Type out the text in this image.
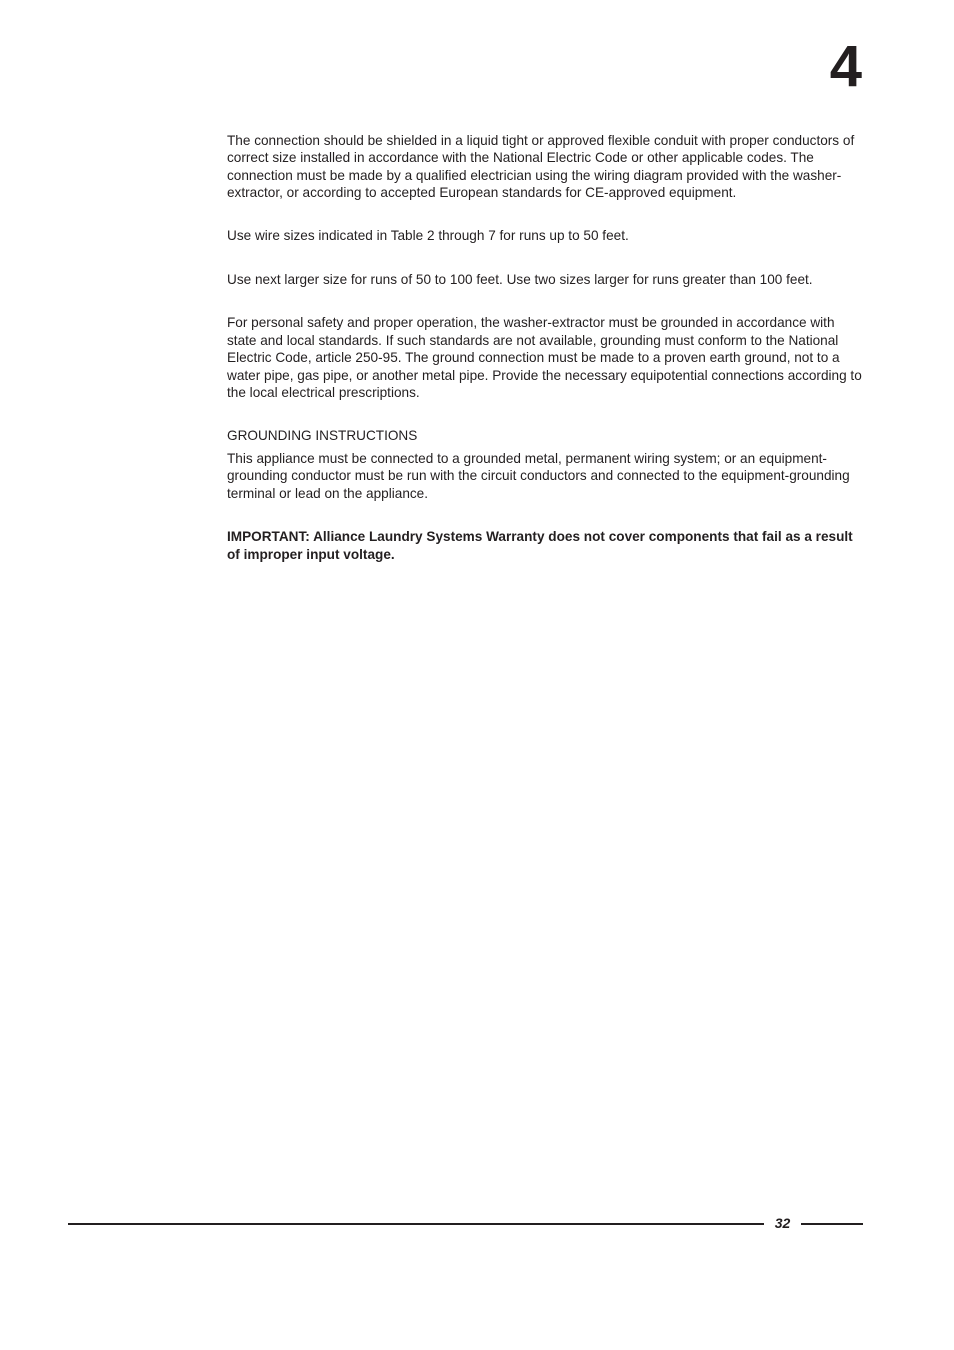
4

The connection should be shielded in a liquid tight or approved flexible conduit with proper conductors of correct size installed in accordance with the National Electric Code or other applicable codes. The connection must be made by a qualified electrician using the wiring diagram provided with the washer-extractor, or according to accepted European standards for CE-approved equipment.

Use wire sizes indicated in Table 2 through 7 for runs up to 50 feet.

Use next larger size for runs of 50 to 100 feet. Use two sizes larger for runs greater than 100 feet.

For personal safety and proper operation, the washer-extractor must be grounded in accordance with state and local standards. If such standards are not available, grounding must conform to the National Electric Code, article 250-95. The ground connection must be made to a proven earth ground, not to a water pipe, gas pipe, or another metal pipe. Provide the necessary equipotential connections according to the local electrical prescriptions.

GROUNDING INSTRUCTIONS

This appliance must be connected to a grounded metal, permanent wiring system; or an equipment-grounding conductor must be run with the circuit conductors and connected to the equipment-grounding terminal or lead on the appliance.

IMPORTANT: Alliance Laundry Systems Warranty does not cover components that fail as a result of improper input voltage.

32
